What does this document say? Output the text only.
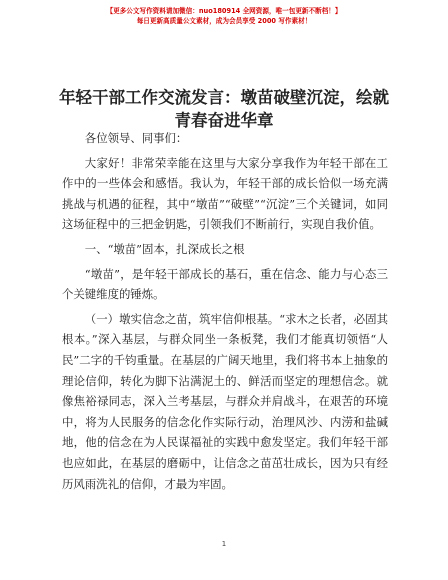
【更多公文写作资料请加微信：nuo180914 全网资源，唯一包更新不断档！】
每日更新高质量公文素材，成为会员享受 2000 写作素材！
年轻干部工作交流发言：墩苗破壁沉淀，绘就
青春奋进华章

各位领导、同事们：

大家好！非常荣幸能在这里与大家分享我作为年轻干部在工作中的一些体会和感悟。我认为，年轻干部的成长恰似一场充满挑战与机遇的征程，其中“墩苗”“破壁”“沉淀”三个关键词，如同这场征程中的三把金钥匙，引领我们不断前行，实现自我价值。

一、“墩苗”固本，扎深成长之根

“墩苗”，是年轻干部成长的基石，重在信念、能力与心态三个关键维度的锤炼。

（一）墩实信念之苗，筑牢信仰根基。“求木之长者，必固其根本。”深入基层，与群众同坐一条板凳，我们才能真切领悟“人民”二字的千钧重量。在基层的广阔天地里，我们将书本上抽象的理论信仰，转化为脚下沾满泥土的、鲜活而坚定的理想信念。就像焦裕禄同志，深入兰考基层，与群众并肩战斗，在艰苦的环境中，将为人民服务的信念化作实际行动，治理风沙、内涝和盐碱地，他的信念在为人民谋福祉的实践中愈发坚定。我们年轻干部也应如此，在基层的磨砺中，让信念之苗茁壮成长，因为只有经历风雨洗礼的信仰，才最为牢固。

1
